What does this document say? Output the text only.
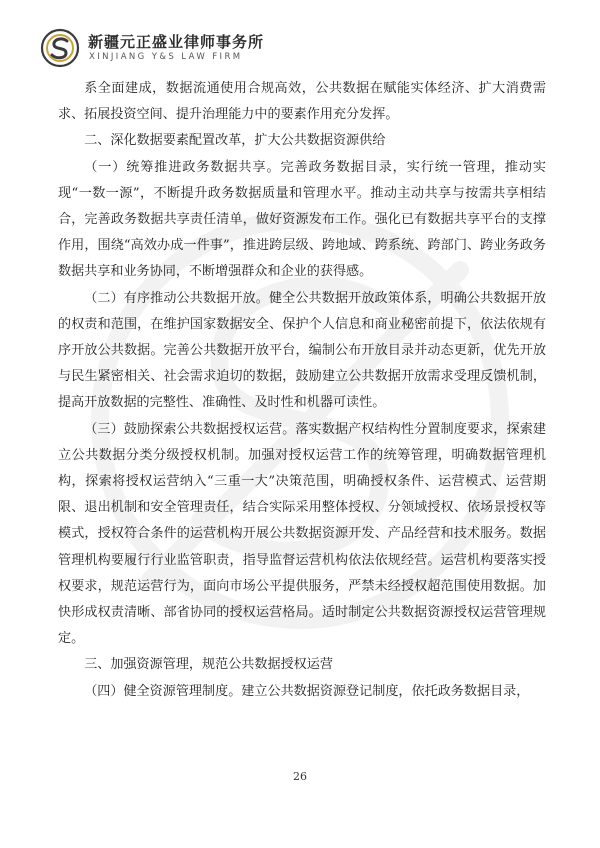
新疆元正盛业律师事务所
XINJIANG Y&S LAW FIRM

系全面建成，数据流通使用合规高效，公共数据在赋能实体经济、扩大消费需求、拓展投资空间、提升治理能力中的要素作用充分发挥。

二、深化数据要素配置改革，扩大公共数据资源供给

（一）统筹推进政务数据共享。完善政务数据目录，实行统一管理，推动实现“一数一源”，不断提升政务数据质量和管理水平。推动主动共享与按需共享相结合，完善政务数据共享责任清单，做好资源发布工作。强化已有数据共享平台的支撑作用，围绕“高效办成一件事”，推进跨层级、跨地域、跨系统、跨部门、跨业务政务数据共享和业务协同，不断增强群众和企业的获得感。

（二）有序推动公共数据开放。健全公共数据开放政策体系，明确公共数据开放的权责和范围，在维护国家数据安全、保护个人信息和商业秘密前提下，依法依规有序开放公共数据。完善公共数据开放平台，编制公布开放目录并动态更新，优先开放与民生紧密相关、社会需求迫切的数据，鼓励建立公共数据开放需求受理反馈机制，提高开放数据的完整性、准确性、及时性和机器可读性。

（三）鼓励探索公共数据授权运营。落实数据产权结构性分置制度要求，探索建立公共数据分类分级授权机制。加强对授权运营工作的统筹管理，明确数据管理机构，探索将授权运营纳入“三重一大”决策范围，明确授权条件、运营模式、运营期限、退出机制和安全管理责任，结合实际采用整体授权、分领域授权、依场景授权等模式，授权符合条件的运营机构开展公共数据资源开发、产品经营和技术服务。数据管理机构要履行行业监管职责，指导监督运营机构依法依规经营。运营机构要落实授权要求，规范运营行为，面向市场公平提供服务，严禁未经授权超范围使用数据。加快形成权责清晰、部省协同的授权运营格局。适时制定公共数据资源授权运营管理规定。

三、加强资源管理，规范公共数据授权运营

（四）健全资源管理制度。建立公共数据资源登记制度，依托政务数据目录，

26
